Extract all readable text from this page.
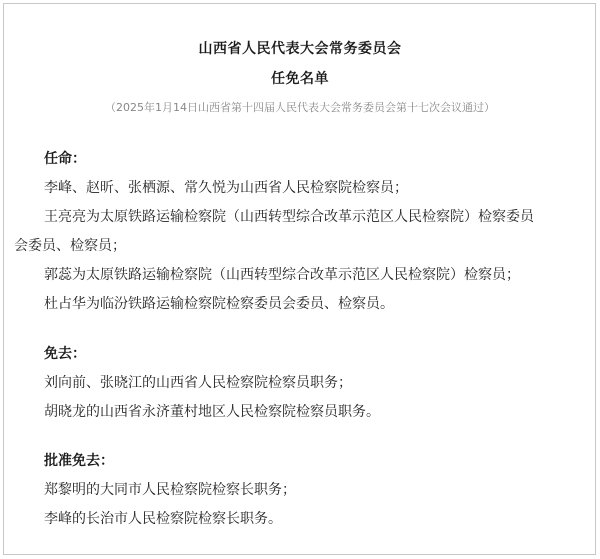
山西省人民代表大会常务委员会
任免名单
（2025年1月14日山西省第十四届人民代表大会常务委员会第十七次会议通过）
任命：
李峰、赵昕、张栖源、常久悦为山西省人民检察院检察员；
王亮亮为太原铁路运输检察院（山西转型综合改革示范区人民检察院）检察委员
会委员、检察员；
郭蕊为太原铁路运输检察院（山西转型综合改革示范区人民检察院）检察员；
杜占华为临汾铁路运输检察院检察委员会委员、检察员。
免去：
刘向前、张晓江的山西省人民检察院检察员职务；
胡晓龙的山西省永济董村地区人民检察院检察员职务。
批准免去：
郑黎明的大同市人民检察院检察长职务；
李峰的长治市人民检察院检察长职务。
